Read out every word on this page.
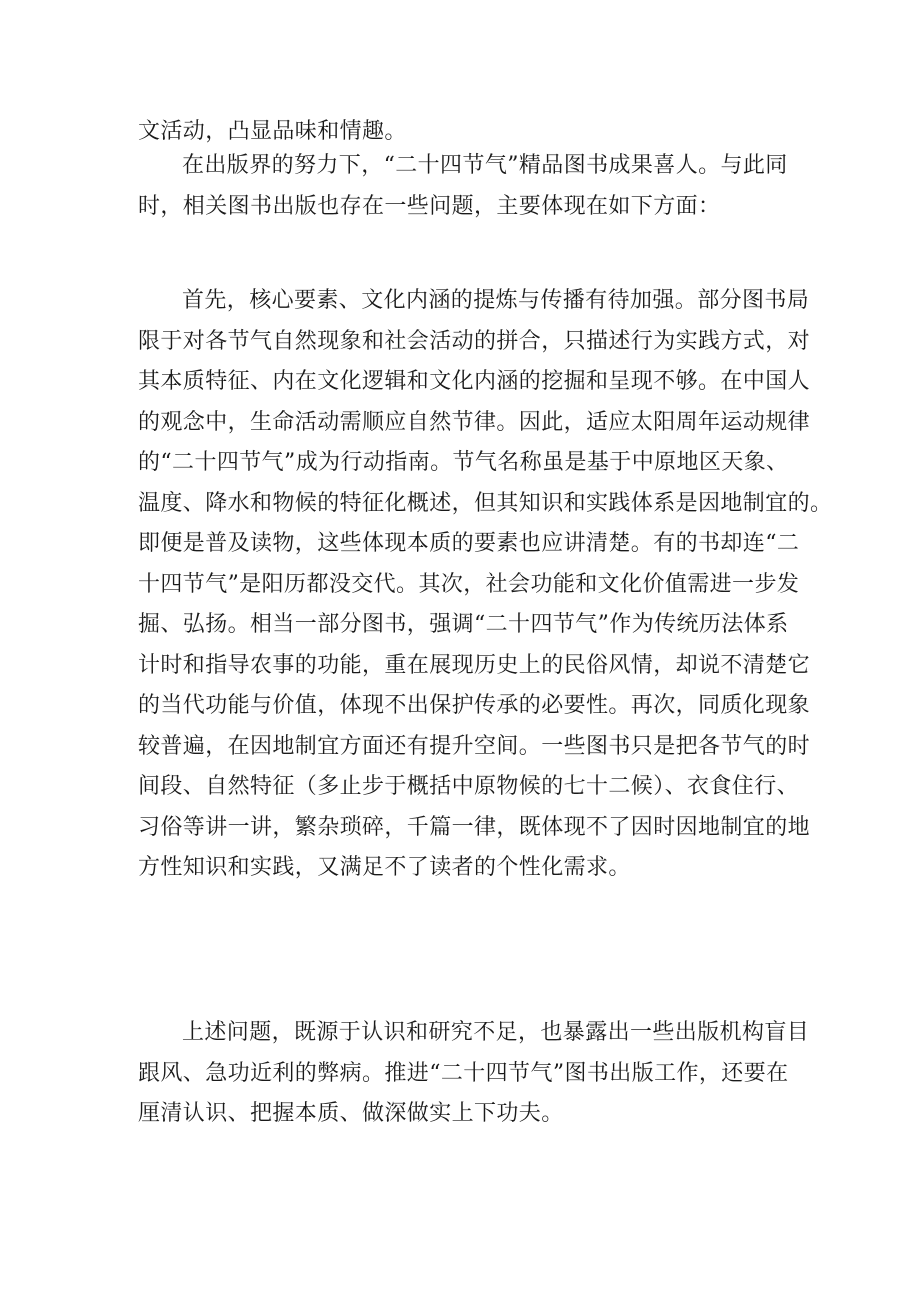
文活动，凸显品味和情趣。

在出版界的努力下，“二十四节气”精品图书成果喜人。与此同
时，相关图书出版也存在一些问题，主要体现在如下方面：

首先，核心要素、文化内涵的提炼与传播有待加强。部分图书局
限于对各节气自然现象和社会活动的拼合，只描述行为实践方式，对
其本质特征、内在文化逻辑和文化内涵的挖掘和呈现不够。在中国人
的观念中，生命活动需顺应自然节律。因此，适应太阳周年运动规律
的“二十四节气”成为行动指南。节气名称虽是基于中原地区天象、
温度、降水和物候的特征化概述，但其知识和实践体系是因地制宜的。
即便是普及读物，这些体现本质的要素也应讲清楚。有的书却连“二
十四节气”是阳历都没交代。其次，社会功能和文化价值需进一步发
掘、弘扬。相当一部分图书，强调“二十四节气”作为传统历法体系
计时和指导农事的功能，重在展现历史上的民俗风情，却说不清楚它
的当代功能与价值，体现不出保护传承的必要性。再次，同质化现象
较普遍，在因地制宜方面还有提升空间。一些图书只是把各节气的时
间段、自然特征（多止步于概括中原物候的七十二候）、衣食住行、
习俗等讲一讲，繁杂琐碎，千篇一律，既体现不了因时因地制宜的地
方性知识和实践，又满足不了读者的个性化需求。

上述问题，既源于认识和研究不足，也暴露出一些出版机构盲目
跟风、急功近利的弊病。推进“二十四节气”图书出版工作，还要在
厘清认识、把握本质、做深做实上下功夫。
